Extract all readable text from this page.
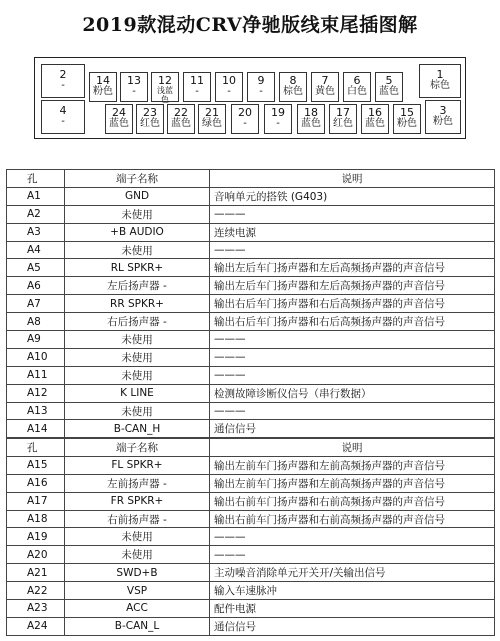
2019款混动CRV净驰版线束尾插图解
2
-
4
-
14
粉色
13
-
12
浅蓝色
11
-
10
-
9
-
8
棕色
7
黄色
6
白色
5
蓝色
24
蓝色
23
红色
22
蓝色
21
绿色
20
-
19
-
18
蓝色
17
红色
16
蓝色
15
粉色
1
棕色
3
粉色
孔	端子名称	说明
A1	GND	音响单元的搭铁 (G403)
A2	未使用	———
A3	+B AUDIO	连续电源
A4	未使用	———
A5	RL SPKR+	输出左后车门扬声器和左后高频扬声器的声音信号
A6	左后扬声器 -	输出左后车门扬声器和左后高频扬声器的声音信号
A7	RR SPKR+	输出右后车门扬声器和右后高频扬声器的声音信号
A8	右后扬声器 -	输出右后车门扬声器和右后高频扬声器的声音信号
A9	未使用	———
A10	未使用	———
A11	未使用	———
A12	K LINE	检测故障诊断仪信号（串行数据）
A13	未使用	———
A14	B-CAN_H	通信信号
孔	端子名称	说明
A15	FL SPKR+	输出左前车门扬声器和左前高频扬声器的声音信号
A16	左前扬声器 -	输出左前车门扬声器和左前高频扬声器的声音信号
A17	FR SPKR+	输出右前车门扬声器和右前高频扬声器的声音信号
A18	右前扬声器 -	输出右前车门扬声器和右前高频扬声器的声音信号
A19	未使用	———
A20	未使用	———
A21	SWD+B	主动噪音消除单元开关开/关输出信号
A22	VSP	输入车速脉冲
A23	ACC	配件电源
A24	B-CAN_L	通信信号
